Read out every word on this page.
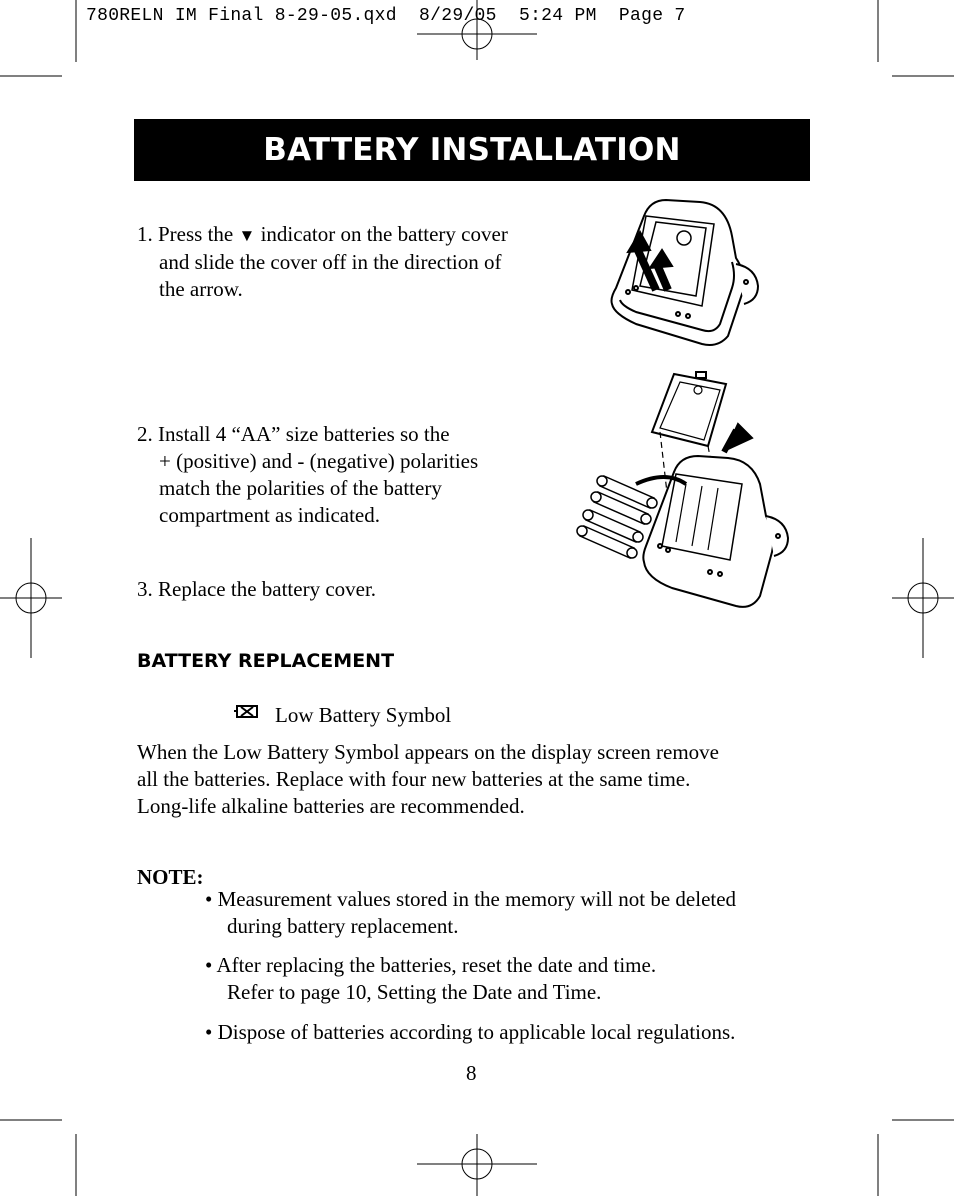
780RELN IM Final 8-29-05.qxd  8/29/05  5:24 PM  Page 7
BATTERY INSTALLATION
1. Press the ▼ indicator on the battery cover
and slide the cover off in the direction of
the arrow.
2. Install 4 “AA” size batteries so the
+ (positive) and - (negative) polarities
match the polarities of the battery
compartment as indicated.
3. Replace the battery cover.
BATTERY REPLACEMENT
Low Battery Symbol
When the Low Battery Symbol appears on the display screen remove
all the batteries. Replace with four new batteries at the same time.
Long-life alkaline batteries are recommended.
NOTE:
• Measurement values stored in the memory will not be deleted
during battery replacement.
• After replacing the batteries, reset the date and time.
Refer to page 10, Setting the Date and Time.
• Dispose of batteries according to applicable local regulations.
8
